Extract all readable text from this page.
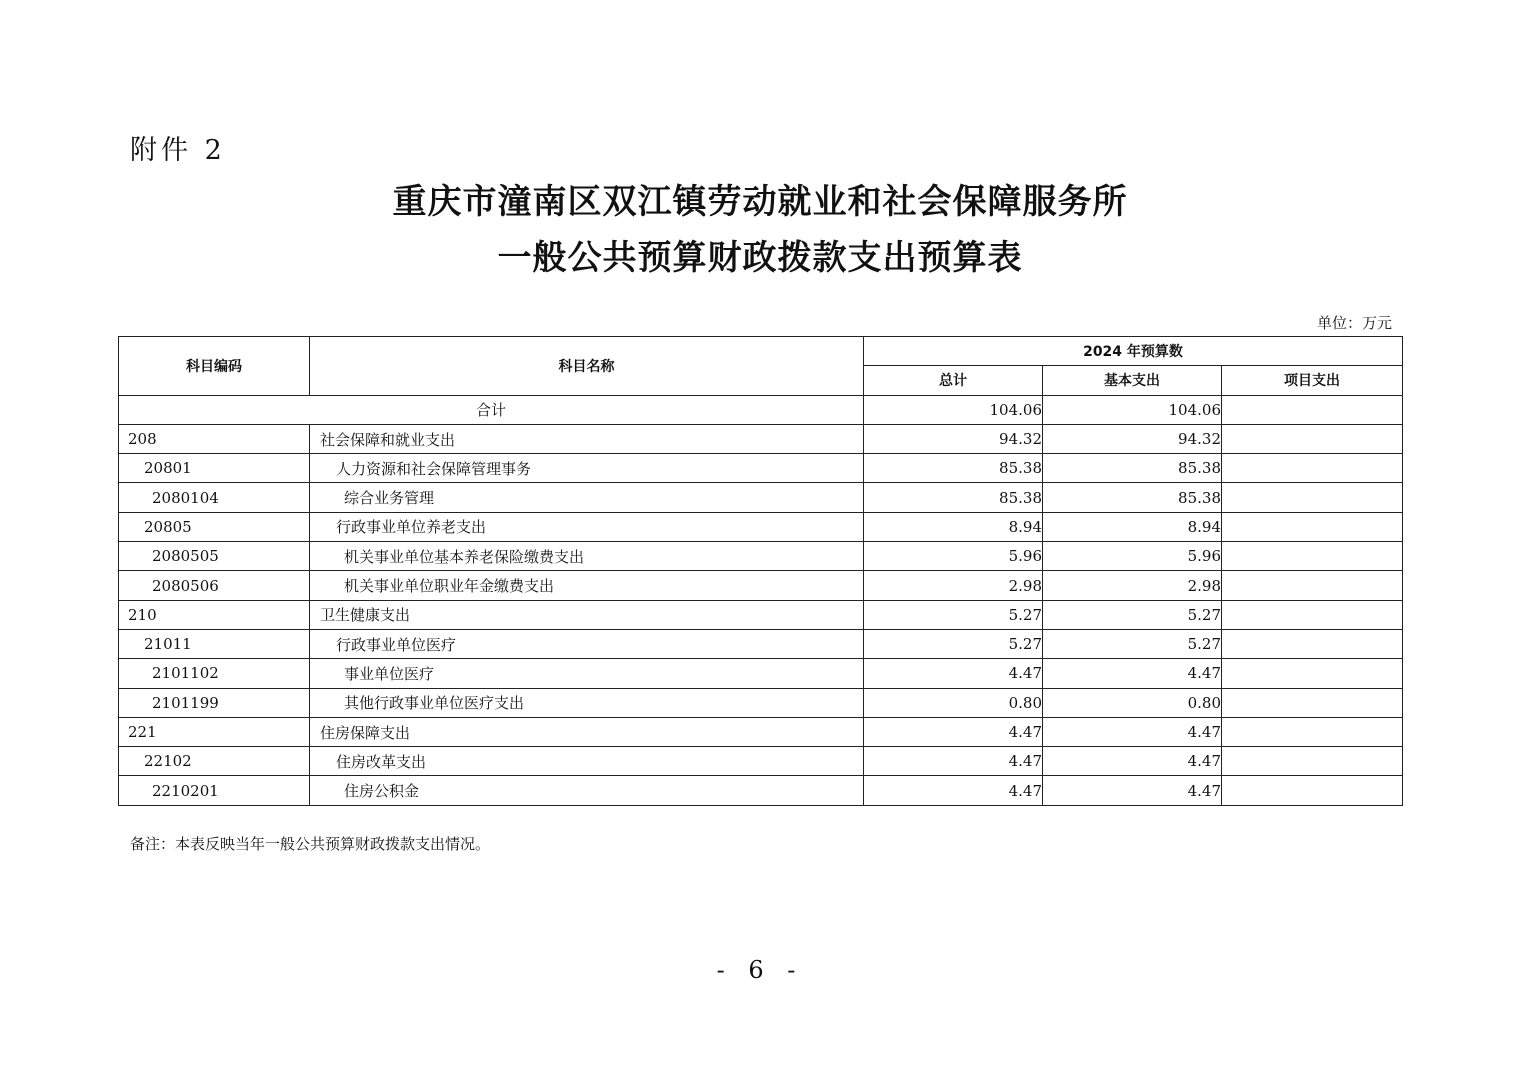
附件 2
重庆市潼南区双江镇劳动就业和社会保障服务所
一般公共预算财政拨款支出预算表
单位：万元
科目编码	科目名称	2024 年预算数		
		总计	基本支出	项目支出
合计		104.06	104.06	
208	社会保障和就业支出	94.32	94.32	
20801	人力资源和社会保障管理事务	85.38	85.38	
2080104	综合业务管理	85.38	85.38	
20805	行政事业单位养老支出	8.94	8.94	
2080505	机关事业单位基本养老保险缴费支出	5.96	5.96	
2080506	机关事业单位职业年金缴费支出	2.98	2.98	
210	卫生健康支出	5.27	5.27	
21011	行政事业单位医疗	5.27	5.27	
2101102	事业单位医疗	4.47	4.47	
2101199	其他行政事业单位医疗支出	0.80	0.80	
221	住房保障支出	4.47	4.47	
22102	住房改革支出	4.47	4.47	
2210201	住房公积金	4.47	4.47	
备注：本表反映当年一般公共预算财政拨款支出情况。
- 6 -
